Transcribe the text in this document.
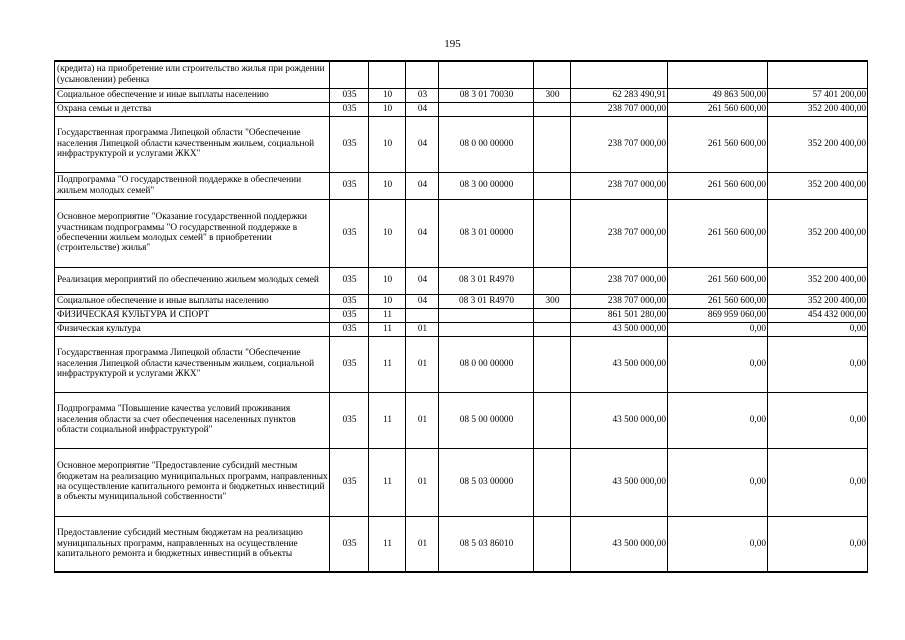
195
(кредита) на приобретение или строительство жилья при рождении (усыновлении) ребенка								
Социальное обеспечение и иные выплаты населению	035	10	03	08 3 01 70030	300	62 283 490,91	49 863 500,00	57 401 200,00
Охрана семьи и детства	035	10	04			238 707 000,00	261 560 600,00	352 200 400,00
Государственная программа Липецкой области "Обеспечение населения Липецкой области качественным жильем, социальной инфраструктурой и услугами ЖКХ"	035	10	04	08 0 00 00000		238 707 000,00	261 560 600,00	352 200 400,00
Подпрограмма "О государственной поддержке в обеспечении жильем молодых семей"	035	10	04	08 3 00 00000		238 707 000,00	261 560 600,00	352 200 400,00
Основное мероприятие "Оказание государственной поддержки участникам подпрограммы "О государственной поддержке в обеспечении жильем молодых семей" в приобретении (строительстве) жилья"	035	10	04	08 3 01 00000		238 707 000,00	261 560 600,00	352 200 400,00
Реализация мероприятий по обеспечению жильем молодых семей	035	10	04	08 3 01 R4970		238 707 000,00	261 560 600,00	352 200 400,00
Социальное обеспечение и иные выплаты населению	035	10	04	08 3 01 R4970	300	238 707 000,00	261 560 600,00	352 200 400,00
ФИЗИЧЕСКАЯ КУЛЬТУРА И СПОРТ	035	11				861 501 280,00	869 959 060,00	454 432 000,00
Физическая культура	035	11	01			43 500 000,00	0,00	0,00
Государственная программа Липецкой области "Обеспечение населения Липецкой области качественным жильем, социальной инфраструктурой и услугами ЖКХ"	035	11	01	08 0 00 00000		43 500 000,00	0,00	0,00
Подпрограмма "Повышение качества условий проживания населения области за счет обеспечения населенных пунктов области социальной инфраструктурой"	035	11	01	08 5 00 00000		43 500 000,00	0,00	0,00
Основное мероприятие "Предоставление субсидий местным бюджетам на реализацию муниципальных программ, направленных на осуществление капитального ремонта и бюджетных инвестиций в объекты муниципальной собственности"	035	11	01	08 5 03 00000		43 500 000,00	0,00	0,00
Предоставление субсидий местным бюджетам на реализацию муниципальных программ, направленных на осуществление капитального ремонта и бюджетных инвестиций в объекты	035	11	01	08 5 03 86010		43 500 000,00	0,00	0,00
